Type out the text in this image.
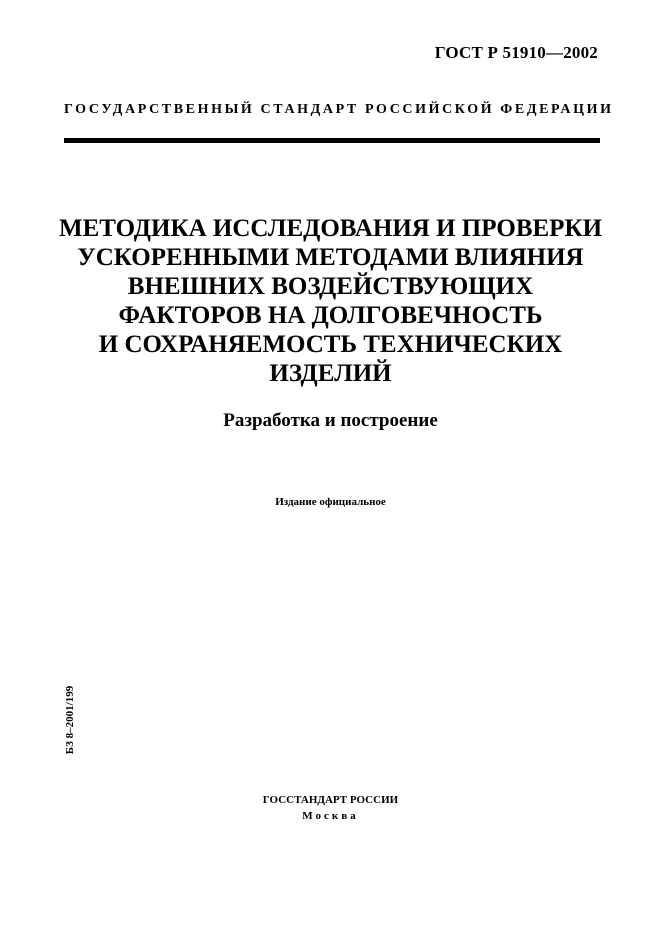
ГОСТ Р 51910—2002
ГОСУДАРСТВЕННЫЙ СТАНДАРТ РОССИЙСКОЙ ФЕДЕРАЦИИ
МЕТОДИКА ИССЛЕДОВАНИЯ И ПРОВЕРКИ
УСКОРЕННЫМИ МЕТОДАМИ ВЛИЯНИЯ
ВНЕШНИХ ВОЗДЕЙСТВУЮЩИХ
ФАКТОРОВ НА ДОЛГОВЕЧНОСТЬ
И СОХРАНЯЕМОСТЬ ТЕХНИЧЕСКИХ
ИЗДЕЛИЙ
Разработка и построение
Издание официальное
БЗ 8–2001/199
ГОССТАНДАРТ РОССИИ
Москва
